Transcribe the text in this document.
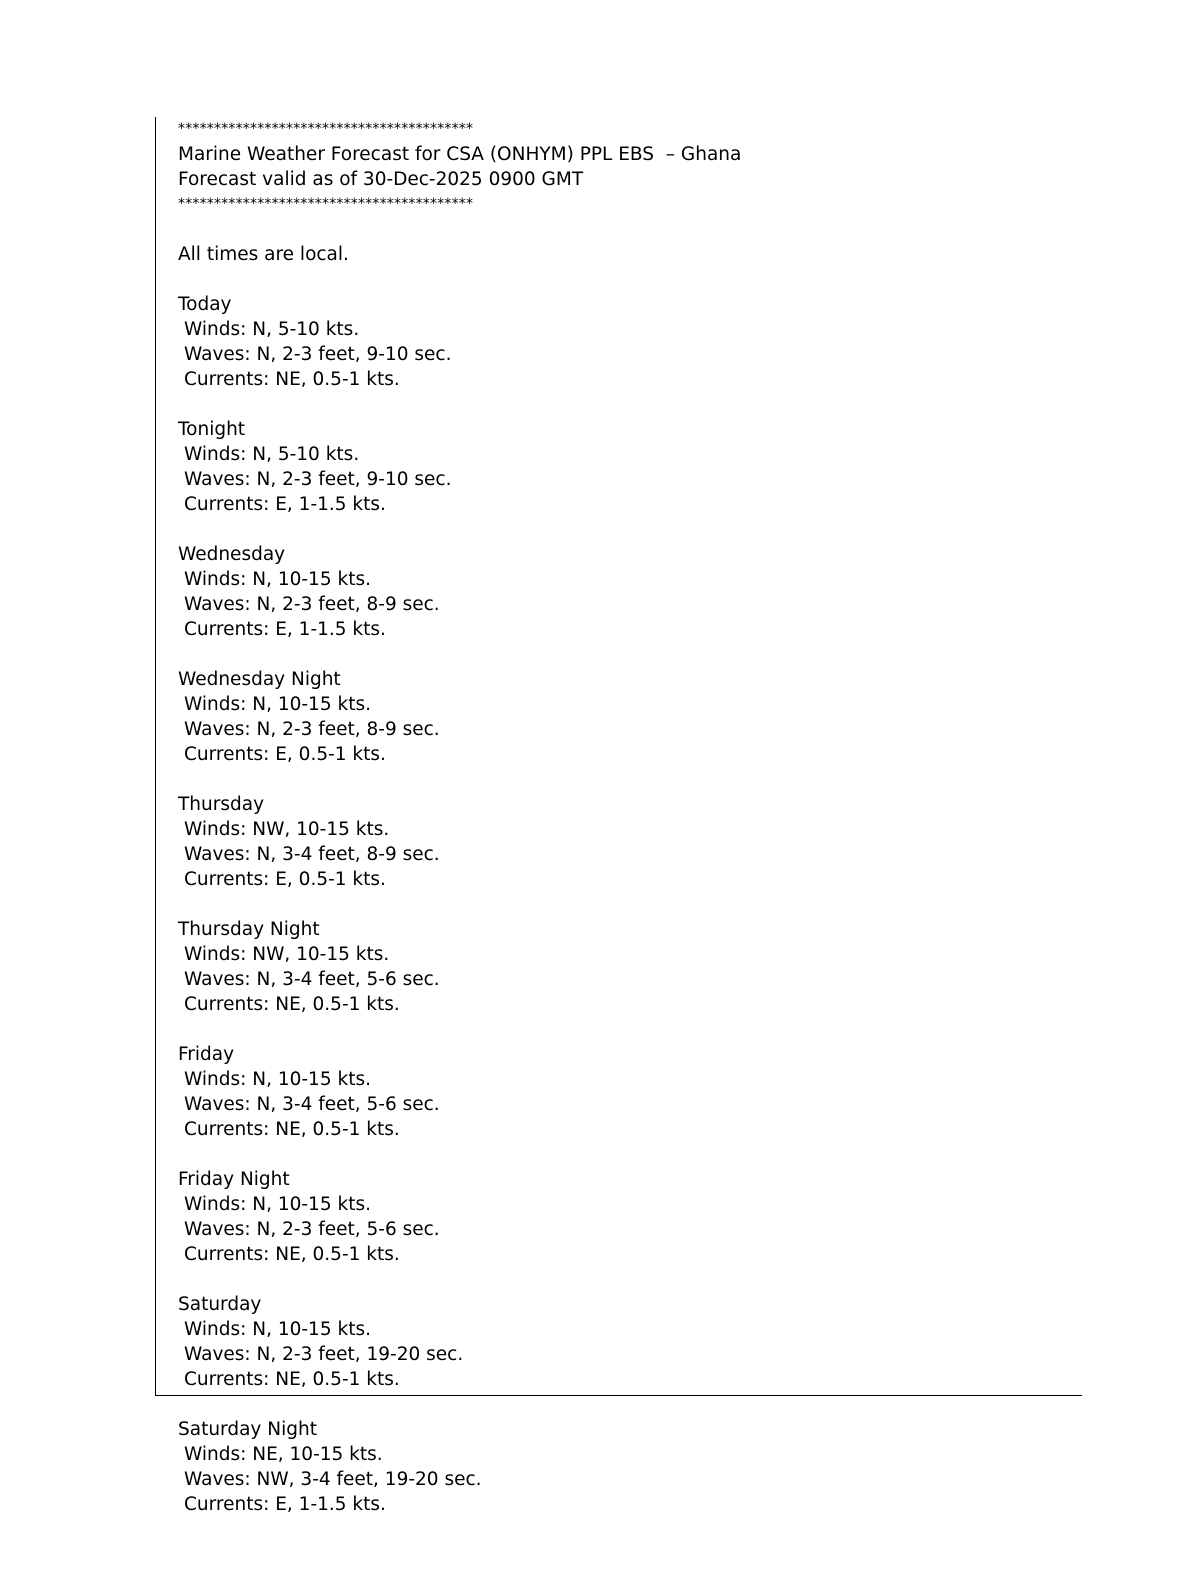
*****************************************
Marine Weather Forecast for CSA (ONHYM) PPL EBS  – Ghana
Forecast valid as of 30-Dec-2025 0900 GMT
*****************************************
All times are local.
Today
Winds: N, 5-10 kts.
Waves: N, 2-3 feet, 9-10 sec.
Currents: NE, 0.5-1 kts.
Tonight
Winds: N, 5-10 kts.
Waves: N, 2-3 feet, 9-10 sec.
Currents: E, 1-1.5 kts.
Wednesday
Winds: N, 10-15 kts.
Waves: N, 2-3 feet, 8-9 sec.
Currents: E, 1-1.5 kts.
Wednesday Night
Winds: N, 10-15 kts.
Waves: N, 2-3 feet, 8-9 sec.
Currents: E, 0.5-1 kts.
Thursday
Winds: NW, 10-15 kts.
Waves: N, 3-4 feet, 8-9 sec.
Currents: E, 0.5-1 kts.
Thursday Night
Winds: NW, 10-15 kts.
Waves: N, 3-4 feet, 5-6 sec.
Currents: NE, 0.5-1 kts.
Friday
Winds: N, 10-15 kts.
Waves: N, 3-4 feet, 5-6 sec.
Currents: NE, 0.5-1 kts.
Friday Night
Winds: N, 10-15 kts.
Waves: N, 2-3 feet, 5-6 sec.
Currents: NE, 0.5-1 kts.
Saturday
Winds: N, 10-15 kts.
Waves: N, 2-3 feet, 19-20 sec.
Currents: NE, 0.5-1 kts.
Saturday Night
Winds: NE, 10-15 kts.
Waves: NW, 3-4 feet, 19-20 sec.
Currents: E, 1-1.5 kts.
